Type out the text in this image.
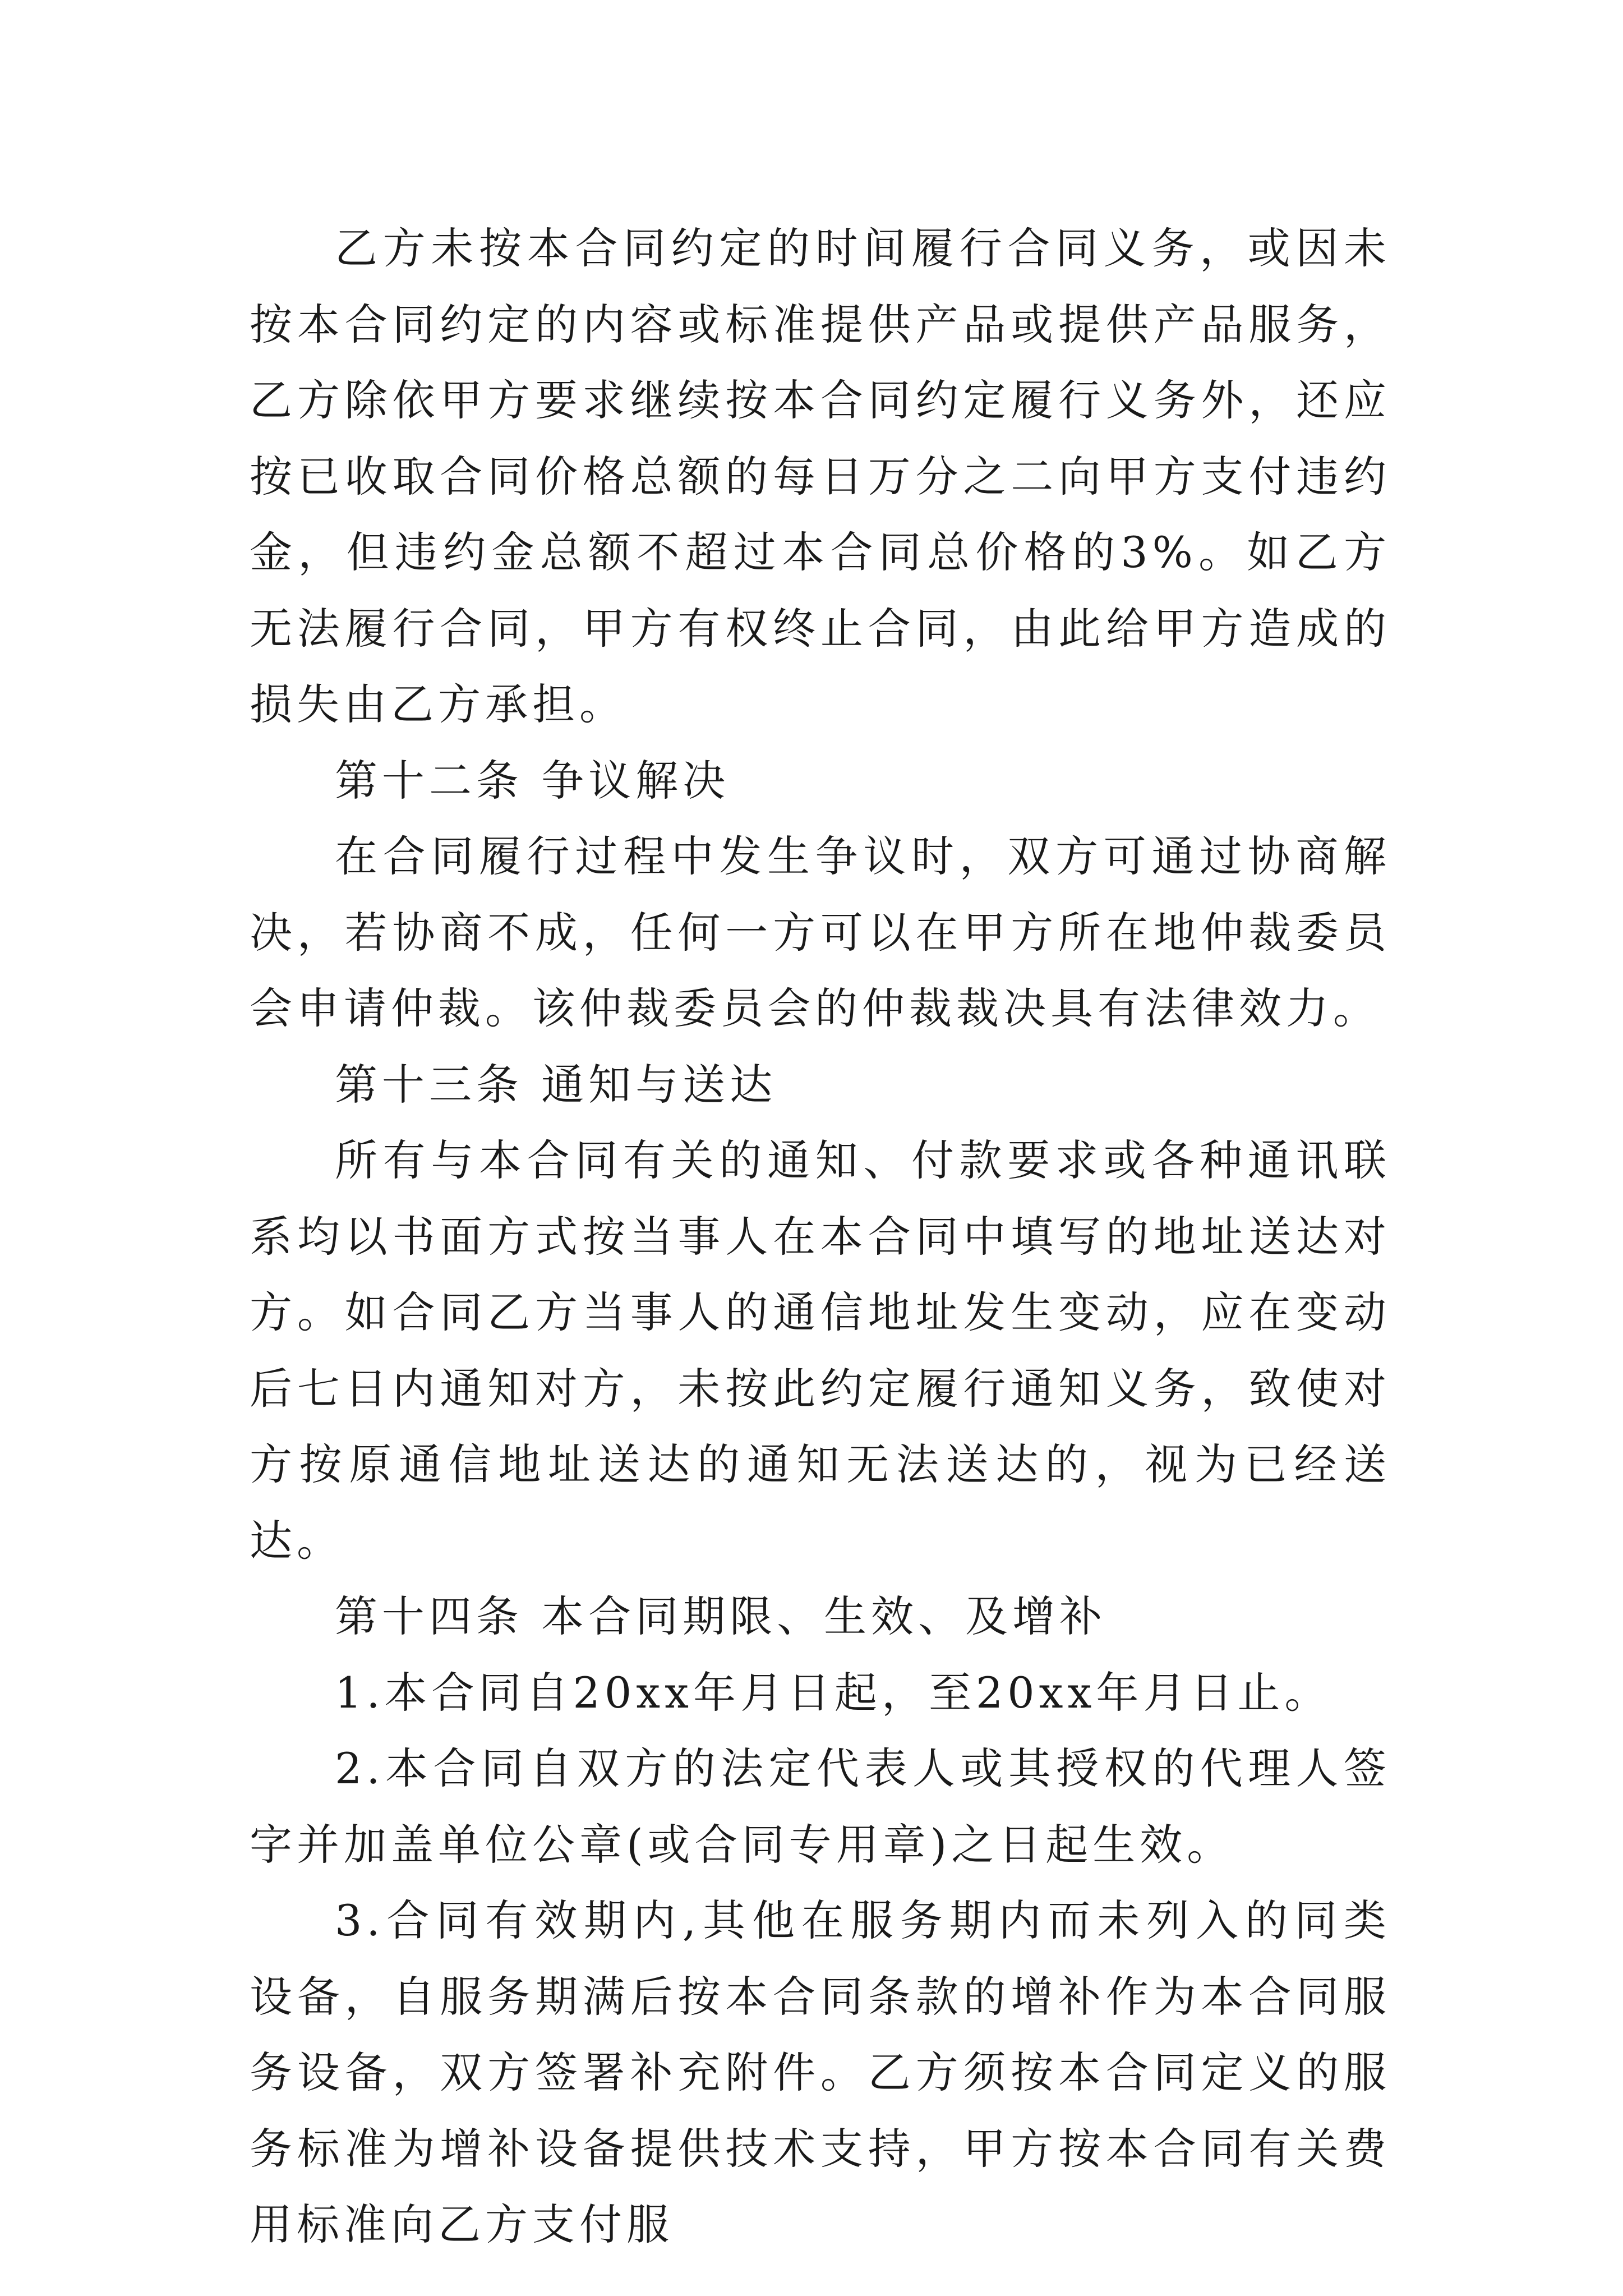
乙方未按本合同约定的时间履行合同义务，或因未按本合同约定的内容或标准提供产品或提供产品服务，乙方除依甲方要求继续按本合同约定履行义务外，还应按已收取合同价格总额的每日万分之二向甲方支付违约金，但违约金总额不超过本合同总价格的3%。如乙方无法履行合同，甲方有权终止合同，由此给甲方造成的损失由乙方承担。

第十二条 争议解决

在合同履行过程中发生争议时，双方可通过协商解决，若协商不成，任何一方可以在甲方所在地仲裁委员会申请仲裁。该仲裁委员会的仲裁裁决具有法律效力。

第十三条 通知与送达

所有与本合同有关的通知、付款要求或各种通讯联系均以书面方式按当事人在本合同中填写的地址送达对方。如合同乙方当事人的通信地址发生变动，应在变动后七日内通知对方，未按此约定履行通知义务，致使对方按原通信地址送达的通知无法送达的，视为已经送达。

第十四条 本合同期限、生效、及增补

1.本合同自20xx年月日起，至20xx年月日止。

2.本合同自双方的法定代表人或其授权的代理人签字并加盖单位公章(或合同专用章)之日起生效。

3.合同有效期内,其他在服务期内而未列入的同类设备，自服务期满后按本合同条款的增补作为本合同服务设备，双方签署补充附件。乙方须按本合同定义的服务标准为增补设备提供技术支持，甲方按本合同有关费用标准向乙方支付服
